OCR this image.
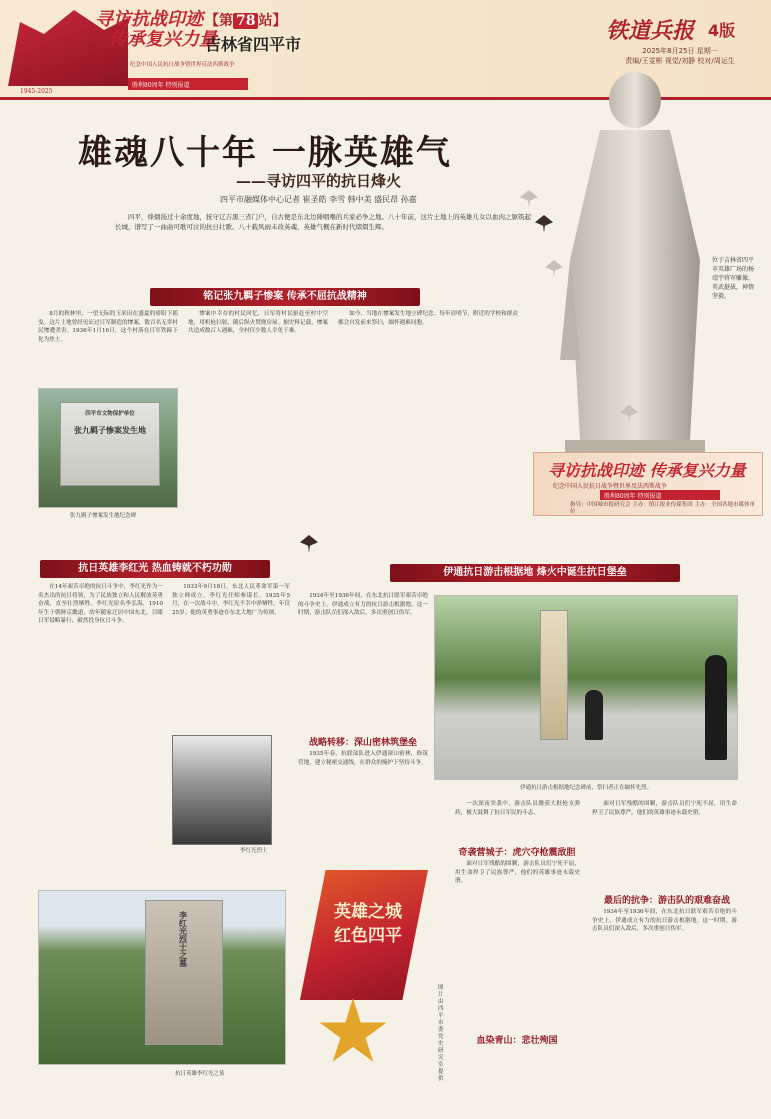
寻访抗战印迹
传承复兴力量
1945-2025
纪念中国人民抗日战争暨世界反法西斯战争
胜利80周年 特别报道
【第 78 站】
吉林省四平市
铁道兵报 4版
2025年8月25日 星期一
责编/王雯彬 视觉/刘静 校对/周运生
雄魂八十年 一脉英雄气
——寻访四平的抗日烽火
四平市融媒体中心记者 崔圣皓 李雪 韩中美 盛民昂 孙嘉
四平，烽烟扬过十余度地，抚守辽吉黑三省门户，自古便是东北边陲咽喉的兵家必争之地。八十年前，这片土地上的英雄儿女以血肉之躯筑起长城，谱写了一曲曲可歌可泣的抗日壮歌。八十载风雨未改英魂，英雄气概在新时代熠熠生辉。
位于吉林省四平市英雄广场的杨靖宇将军雕像，英武挺拔，神情坚毅。
铭记张九羁子惨案 传承不屈抗战精神

8月的秋林里，一望无际的玉米田在盛夏的骄阳下摇曳。这片土地曾经见证过日军制造的惨案，数百名无辜村民惨遭杀害。1936年1月16日，这个村落在日军铁蹄下化为焦土。

惨案中幸存的村民回忆，日军将村民驱赶至村中空地，用机枪扫射，随后纵火焚烧房屋。据史料记载，惨案共造成数百人遇难，全村仅少数人幸免于难。

如今，当地在惨案发生地立碑纪念。每年清明节，附近的学校和群众都会自发前来祭扫，缅怀遇难同胞。

四平市文物保护单位
张九羁子惨案发生地
张九羁子惨案发生地纪念碑
寻访抗战印迹 传承复兴力量
纪念中国人民抗日战争暨世界反法西斯战争
胜利80周年 特别报道
指导：中国城市报研究会 主办：镇江报业传媒集团 主办：全国各地市媒体单位
抗日英雄李红光 热血铸就不朽功勋

在14年艰苦卓绝的抗日斗争中，李红光作为一名杰出的抗日将领，为了民族独立和人民解放英勇奋战，直至壮烈牺牲。李红光原名李弘海，1910年生于朝鲜京畿道，幼年随家迁居中国东北，目睹日军侵略暴行，毅然投身抗日斗争。

1933年9月18日，东北人民革命军第一军独立师成立，李红光任师参谋长。1935年5月，在一次战斗中，李红光不幸中弹牺牲，年仅25岁。他的英勇事迹在东北大地广为传颂。

李红光烈士
李红光烈士之墓
抗日英雄李红光之墓
英雄之城
红色四平
图片由四平市委党史研究室提供
伊通抗日游击根据地 烽火中诞生抗日堡垒

1934年至1936年间，在东北抗日联军艰苦卓绝的斗争史上，伊通成立有力的抗日游击根据地。这一时期，游击队员们深入敌后，多次重创日伪军。

战略转移：深山密林筑堡垒

1935年春，抗联部队进入伊通深山密林，修筑营地，建立秘密交通线，在群众的掩护下坚持斗争。

伊通抗日游击根据地纪念碑前，祭扫者正在缅怀先烈。

一次深夜突袭中，游击队员缴获大批枪支弹药，极大鼓舞了抗日军民的斗志。

奇袭营城子：虎穴夺枪震敌胆

面对日军残酷的围剿，游击队员们宁死不屈，用生命捍卫了民族尊严，他们的英雄事迹永载史册。

血染青山：悲壮殉国
最后的抗争：游击队的艰难奋战

面对日军残酷的围剿，游击队员们宁死不屈，用生命捍卫了民族尊严，他们的英雄事迹永载史册。

1934年至1936年间，在东北抗日联军艰苦卓绝的斗争史上，伊通成立有力的抗日游击根据地。这一时期，游击队员们深入敌后，多次重创日伪军。
